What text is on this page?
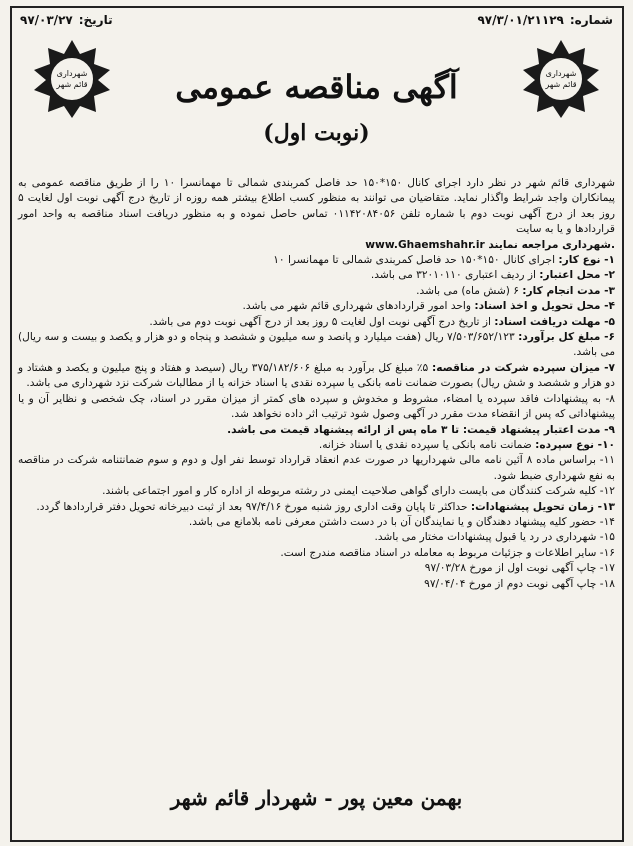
تاریخ:
۹۷/۰۳/۲۷	شماره:
۹۷/۳/۰۱/۲۱۱۲۹
شهرداری
قائم شهر
شهرداری
قائم شهر
آگهی مناقصه عمومی
(نوبت اول)

شهرداری قائم شهر در نظر دارد اجرای کانال ۱۵۰*۱۵۰ حد فاصل کمربندی شمالی تا مهمانسرا ۱۰ را از طریق مناقصه عمومی به پیمانکاران واجد شرایط واگذار نماید. متقاضیان می توانند به منظور کسب اطلاع بیشتر همه روزه از تاریخ درج آگهی نوبت اول لغایت ۵ روز بعد از درج آگهی نوبت دوم با شماره تلفن ۰۱۱۴۲۰۸۴۰۵۶ تماس حاصل نموده و به منظور دریافت اسناد مناقصه به واحد امور قراردادها و یا به سایت

www.Ghaemshahr.ir شهرداری مراجعه نمایند.

۱- نوع کار: اجرای کانال ۱۵۰*۱۵۰ حد فاصل کمربندی شمالی تا مهمانسرا ۱۰

۲- محل اعتبار: از ردیف اعتباری ۳۲۰۱۰۱۱۰ می باشد.

۳- مدت انجام کار: ۶ (شش ماه) می باشد.

۴- محل تحویل و اخذ اسناد: واحد امور قراردادهای شهرداری قائم شهر می باشد.

۵- مهلت دریافت اسناد: از تاریخ درج آگهی نوبت اول لغایت ۵ روز بعد از درج آگهی نوبت دوم می باشد.

۶- مبلغ کل برآورد: ۷/۵۰۳/۶۵۲/۱۲۳ ریال (هفت میلیارد و پانصد و سه میلیون و ششصد و پنجاه و دو هزار و یکصد و بیست و سه ریال) می باشد.

۷- میزان سپرده شرکت در مناقصه: ۵٪ مبلغ کل برآورد به مبلغ ۳۷۵/۱۸۲/۶۰۶ ریال (سیصد و هفتاد و پنج میلیون و یکصد و هشتاد و دو هزار و ششصد و شش ریال) بصورت ضمانت نامه بانکی یا سپرده نقدی یا اسناد خزانه یا از مطالبات شرکت نزد شهرداری می باشد.

۸- به پیشنهادات فاقد سپرده یا امضاء، مشروط و مخدوش و سپرده های کمتر از میزان مقرر در اسناد، چک شخصی و نظایر آن و یا پیشنهاداتی که پس از انقضاء مدت مقرر در آگهی وصول شود ترتیب اثر داده نخواهد شد.

۹- مدت اعتبار پیشنهاد قیمت: تا ۳ ماه پس از ارائه پیشنهاد قیمت می باشد.

۱۰- نوع سپرده: ضمانت نامه بانکی یا سپرده نقدی یا اسناد خزانه.

۱۱- براساس ماده ۸ آئین نامه مالی شهرداریها در صورت عدم انعقاد قرارداد توسط نفر اول و دوم و سوم ضمانتنامه شرکت در مناقصه به نفع شهرداری ضبط شود.

۱۲- کلیه شرکت کنندگان می بایست دارای گواهی صلاحیت ایمنی در رشته مربوطه از اداره کار و امور اجتماعی باشند.

۱۳- زمان تحویل پیشنهادات: حداکثر تا پایان وقت اداری روز شنبه مورخ ۹۷/۴/۱۶ بعد از ثبت دبیرخانه تحویل دفتر قراردادها گردد.

۱۴- حضور کلیه پیشنهاد دهندگان و یا نمایندگان آن با در دست داشتن معرفی نامه بلامانع می باشد.

۱۵- شهرداری در رد یا قبول پیشنهادات مختار می باشد.

۱۶- سایر اطلاعات و جزئیات مربوط به معامله در اسناد مناقصه مندرج است.

۱۷- چاپ آگهی نوبت اول از مورخ ۹۷/۰۳/۲۸

۱۸- چاپ آگهی نوبت دوم از مورخ ۹۷/۰۴/۰۴

بهمن معین پور - شهردار قائم شهر
